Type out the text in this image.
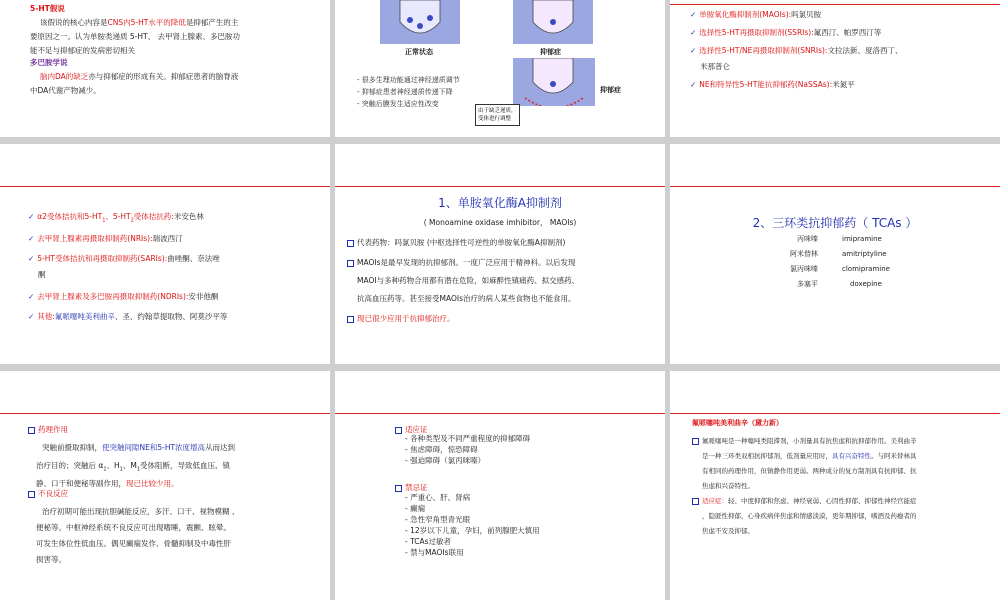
5-HT假说
该假说的核心内容是CNS内5-HT水平的降低是抑郁产生的主
要原因之一。认为单胺类递质 5-HT、 去甲肾上腺素、多巴胺功
能不足与抑郁症的发病密切相关
多巴胺学说
脑内DA的缺乏亦与抑郁症的形成有关。抑郁症患者的脑脊液
中DA代谢产物减少。
正常状态	抑郁症
抑郁症
- 很多生理功能通过神经递质调节
- 抑郁症患者神经递质传递下降
- 突触后膜发生适应性改变
由于缺乏递质，
受体进行调整
✓ 单胺氧化酶抑制剂(MAOIs):吗氯贝胺
✓ 选择性5-HT再摄取抑制剂(SSRIs):氟西汀、帕罗西汀等
✓ 选择性5-HT/NE再摄取抑制剂(SNRIs):文拉法新、度洛西丁、
米那普仑
✓ NE和特异性5-HT能抗抑郁药(NaSSAs):米氮平
✓ α2受体拮抗和$5-HT_1$、$5-HT_2$受体拮抗药:米安色林
✓ 去甲肾上腺素再摄取抑制药(NRIs):瑞波西汀
✓ 5-HT受体拮抗和再摄取抑制药(SARIs):曲唑酮、奈法唑
酮
✓ 去甲肾上腺素及多巴胺再摄取抑制药(NDRIs):安非他酮
✓ 其他:氟哌噻吨美利曲辛、圣、约翰草提取物、阿莫沙平等
1、单胺氧化酶A抑制剂
( Monoamine oxidase imhibitor， MAOIs)
代表药物：吗氯贝胺 (中枢选择性可逆性的单胺氧化酶A抑制剂)
MAOIs是最早发现的抗抑郁剂。一度广泛应用于精神科。以后发现
MAOI与多种药物合用都有潜在危险，如麻醉性镇痛药、拟交感药、
抗高血压药等。甚至接受MAOIs治疗的病人某些食物也不能食用。
现已很少应用于抗抑郁治疗。
2、三环类抗抑郁药（ TCAs ）
丙咪嗪
阿米替林
氯丙咪嗪
多塞平
imipramine
amitriptyline
clomipramine
doxepine
药理作用
突触前摄取抑制，使突触间隙NE和5-HT浓度增高从而达到
治疗目的；突触后 $\alpha_1$、$H_1$、$M_1$受体阻断，导致低血压、镇
静、口干和便秘等副作用，现已比较少用。
不良反应
治疗初期可能出现抗胆碱能反应，多汗、口干、视物模糊 、
便秘等。中枢神经系统不良反应可出现嗜睡，震颤、眩晕。
可发生体位性低血压。偶见癫痫发作、骨髓抑制及中毒性肝
损害等。
适应证
- 各种类型及不同严重程度的抑郁障碍
- 焦虑障碍，惊恐障碍
- 强迫障碍（氯丙咪嗪）
禁忌证
- 严重心、肝、肾病
- 癫痫
- 急性窄角型青光眼
- 12岁以下儿童，孕妇，前列腺肥大慎用
- TCAs过敏者
- 禁与MAOIs联用
氟哌噻吨美利曲辛（黛力新）
氟哌噻吨是一种噻吨类阻滞剂，小剂量具有抗焦虑和抗抑郁作用。美利曲辛
是一种三环类双相抗抑郁剂，低剂量应用时，具有兴奋特性。与阿米替林具
有相同的药理作用，但镇静作用更弱。两种成分的复方制剂具有抗抑郁、抗
焦虑和兴奋特性。
适应症：轻、中度抑郁和焦虑、神经衰弱、心因性抑郁、抑郁性神经官能症
，隐匿性抑郁，心身疾病伴焦虑和情感淡漠，更年期抑郁，嗜酒及药瘾者的
焦虑不安及抑郁。
